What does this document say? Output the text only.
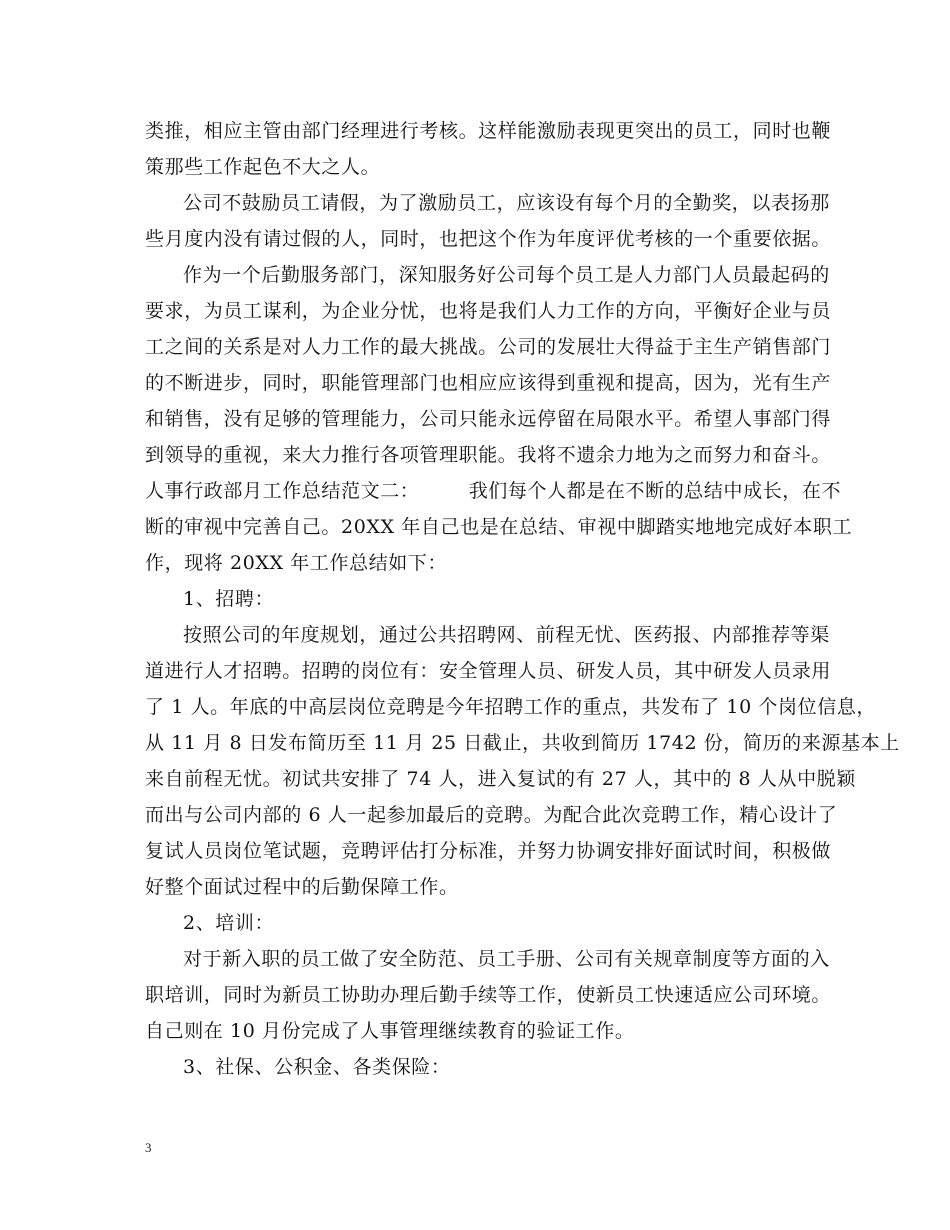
类推，相应主管由部门经理进行考核。这样能激励表现更突出的员工，同时也鞭
策那些工作起色不大之人。
公司不鼓励员工请假，为了激励员工，应该设有每个月的全勤奖，以表扬那
些月度内没有请过假的人，同时，也把这个作为年度评优考核的一个重要依据。
作为一个后勤服务部门，深知服务好公司每个员工是人力部门人员最起码的
要求，为员工谋利，为企业分忧，也将是我们人力工作的方向，平衡好企业与员
工之间的关系是对人力工作的最大挑战。公司的发展壮大得益于主生产销售部门
的不断进步，同时，职能管理部门也相应应该得到重视和提高，因为，光有生产
和销售，没有足够的管理能力，公司只能永远停留在局限水平。希望人事部门得
到领导的重视，来大力推行各项管理职能。我将不遗余力地为之而努力和奋斗。
人事行政部月工作总结范文二：　　　我们每个人都是在不断的总结中成长，在不
断的审视中完善自己。20XX 年自己也是在总结、审视中脚踏实地地完成好本职工
作，现将 20XX 年工作总结如下：
1、招聘：
按照公司的年度规划，通过公共招聘网、前程无忧、医药报、内部推荐等渠
道进行人才招聘。招聘的岗位有：安全管理人员、研发人员，其中研发人员录用
了 1 人。年底的中高层岗位竞聘是今年招聘工作的重点，共发布了 10 个岗位信息，
从 11 月 8 日发布简历至 11 月 25 日截止，共收到简历 1742 份，简历的来源基本上
来自前程无忧。初试共安排了 74 人，进入复试的有 27 人，其中的 8 人从中脱颖
而出与公司内部的 6 人一起参加最后的竞聘。为配合此次竞聘工作，精心设计了
复试人员岗位笔试题，竞聘评估打分标准，并努力协调安排好面试时间，积极做
好整个面试过程中的后勤保障工作。
2、培训：
对于新入职的员工做了安全防范、员工手册、公司有关规章制度等方面的入
职培训，同时为新员工协助办理后勤手续等工作，使新员工快速适应公司环境。
自己则在 10 月份完成了人事管理继续教育的验证工作。
3、社保、公积金、各类保险：
3
